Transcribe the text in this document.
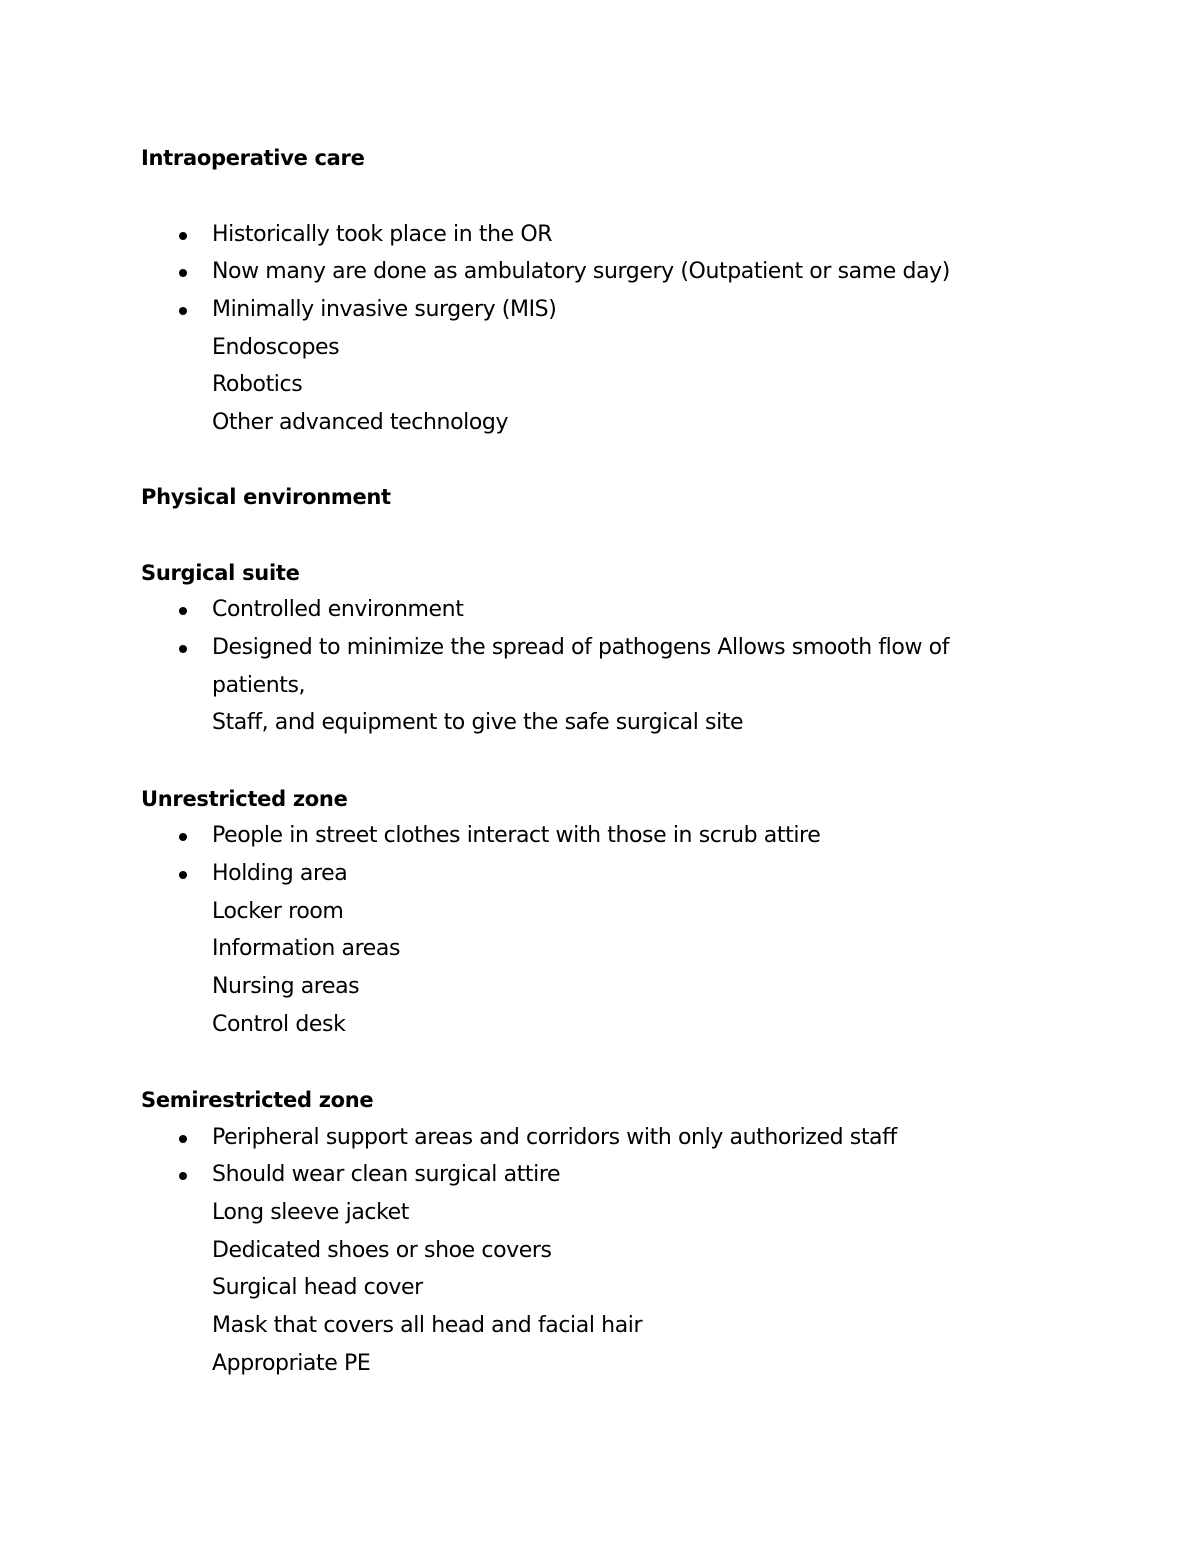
Intraoperative care
Historically took place in the OR
Now many are done as ambulatory surgery (Outpatient or same day)
Minimally invasive surgery (MIS)
Endoscopes
Robotics
Other advanced technology
Physical environment
Surgical suite
Controlled environment
Designed to minimize the spread of pathogens Allows smooth flow of
patients,
Staff, and equipment to give the safe surgical site
Unrestricted zone
People in street clothes interact with those in scrub attire
Holding area
Locker room
Information areas
Nursing areas
Control desk
Semirestricted zone
Peripheral support areas and corridors with only authorized staff
Should wear clean surgical attire
Long sleeve jacket
Dedicated shoes or shoe covers
Surgical head cover
Mask that covers all head and facial hair
Appropriate PE
